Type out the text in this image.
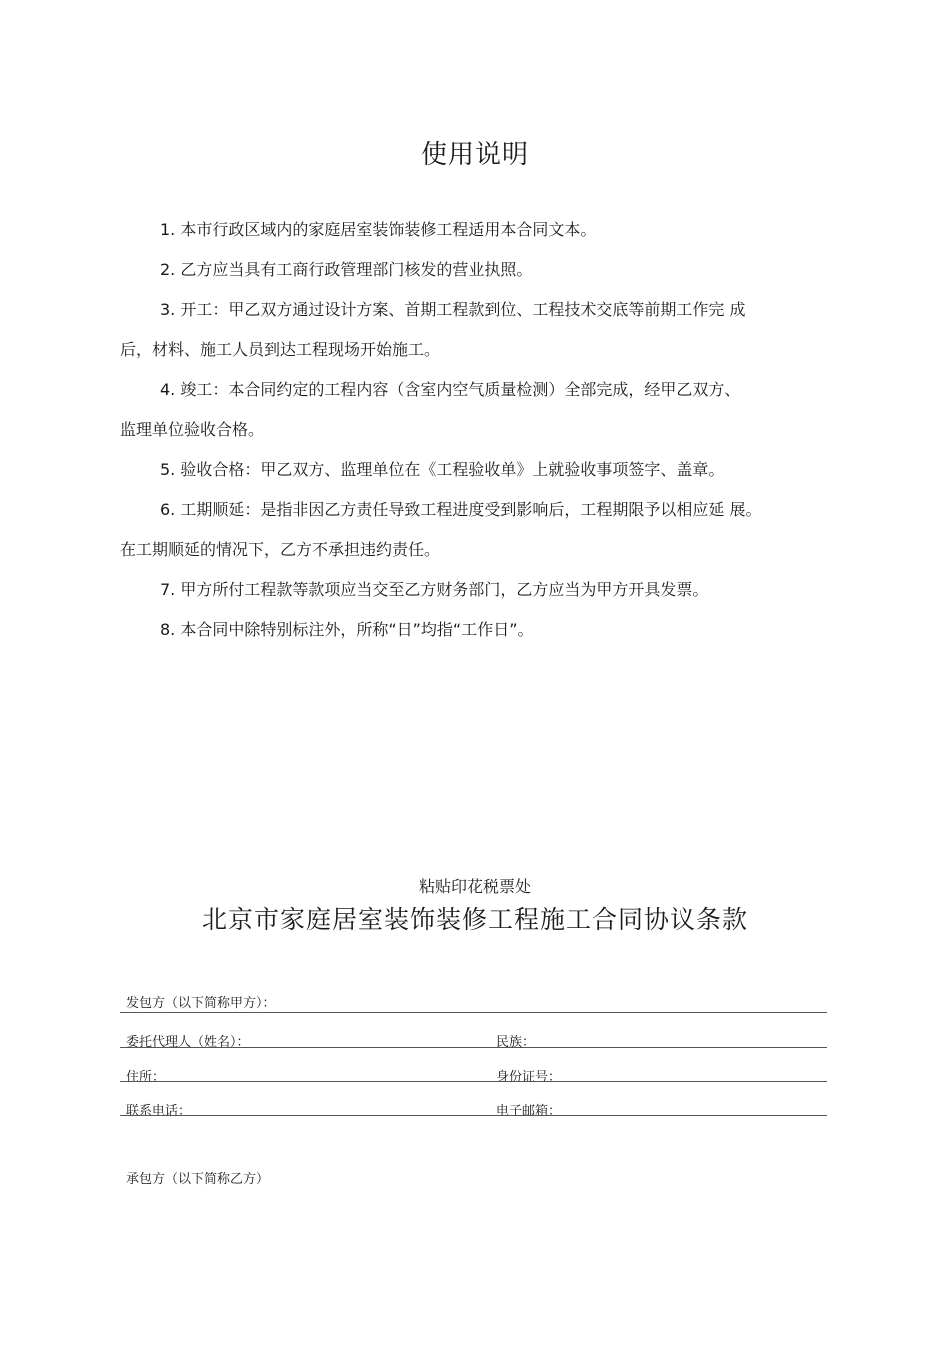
使用说明
1. 本市行政区域内的家庭居室装饰装修工程适用本合同文本。
2. 乙方应当具有工商行政管理部门核发的营业执照。
3. 开工：甲乙双方通过设计方案、首期工程款到位、工程技术交底等前期工作完 成
后，材料、施工人员到达工程现场开始施工。
4. 竣工：本合同约定的工程内容（含室内空气质量检测）全部完成，经甲乙双方、
监理单位验收合格。
5. 验收合格：甲乙双方、监理单位在《工程验收单》上就验收事项签字、盖章。
6. 工期顺延：是指非因乙方责任导致工程进度受到影响后，工程期限予以相应延 展。
在工期顺延的情况下，乙方不承担违约责任。
7. 甲方所付工程款等款项应当交至乙方财务部门，乙方应当为甲方开具发票。
8. 本合同中除特别标注外，所称“日”均指“工作日”。
粘贴印花税票处
北京市家庭居室装饰装修工程施工合同协议条款
发包方（以下简称甲方）：
委托代理人（姓名）：	民族：
住所：	身份证号：
联系电话：	电子邮箱：
承包方（以下简称乙方）
